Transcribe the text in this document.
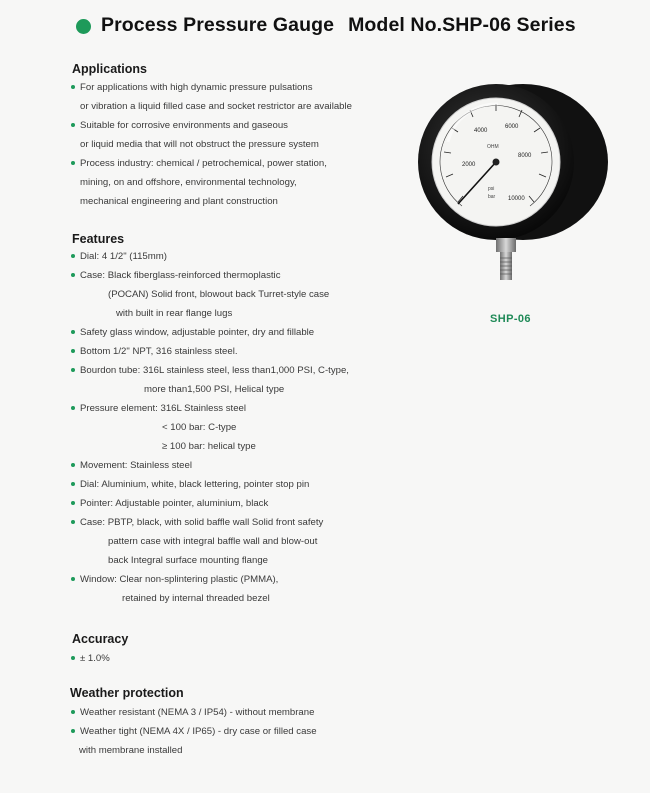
Process Pressure Gauge Model No.SHP-06 Series
Applications
For applications with high dynamic pressure pulsations
or vibration a liquid filled case and socket restrictor are available
Suitable for corrosive environments and gaseous
or liquid media that will not obstruct the pressure system
Process industry: chemical / petrochemical, power station,
mining, on and offshore, environmental technology,
mechanical engineering and plant construction
Features
Dial: 4 1/2" (115mm)
Case: Black fiberglass-reinforced thermoplastic
(POCAN) Solid front, blowout back Turret-style case
with built in rear flange lugs
Safety glass window, adjustable pointer, dry and fillable
Bottom 1/2" NPT, 316 stainless steel.
Bourdon tube: 316L stainless steel, less than1,000 PSI, C-type,
more than1,500 PSI, Helical type
Pressure element: 316L Stainless steel
< 100 bar: C-type
≥ 100 bar: helical type
Movement: Stainless steel
Dial: Aluminium, white, black lettering, pointer stop pin
Pointer: Adjustable pointer, aluminium, black
Case: PBTP, black, with solid baffle wall Solid front safety
pattern case with integral baffle wall and blow-out
back Integral surface mounting flange
Window: Clear non-splintering plastic (PMMA),
retained by internal threaded bezel
Accuracy
± 1.0%
Weather protection
Weather resistant (NEMA 3 / IP54) - without membrane
Weather tight (NEMA 4X / IP65) - dry case or filled case
with membrane installed
2000
4000
6000
8000
10000
OHM
psi
bar
SHP-06
